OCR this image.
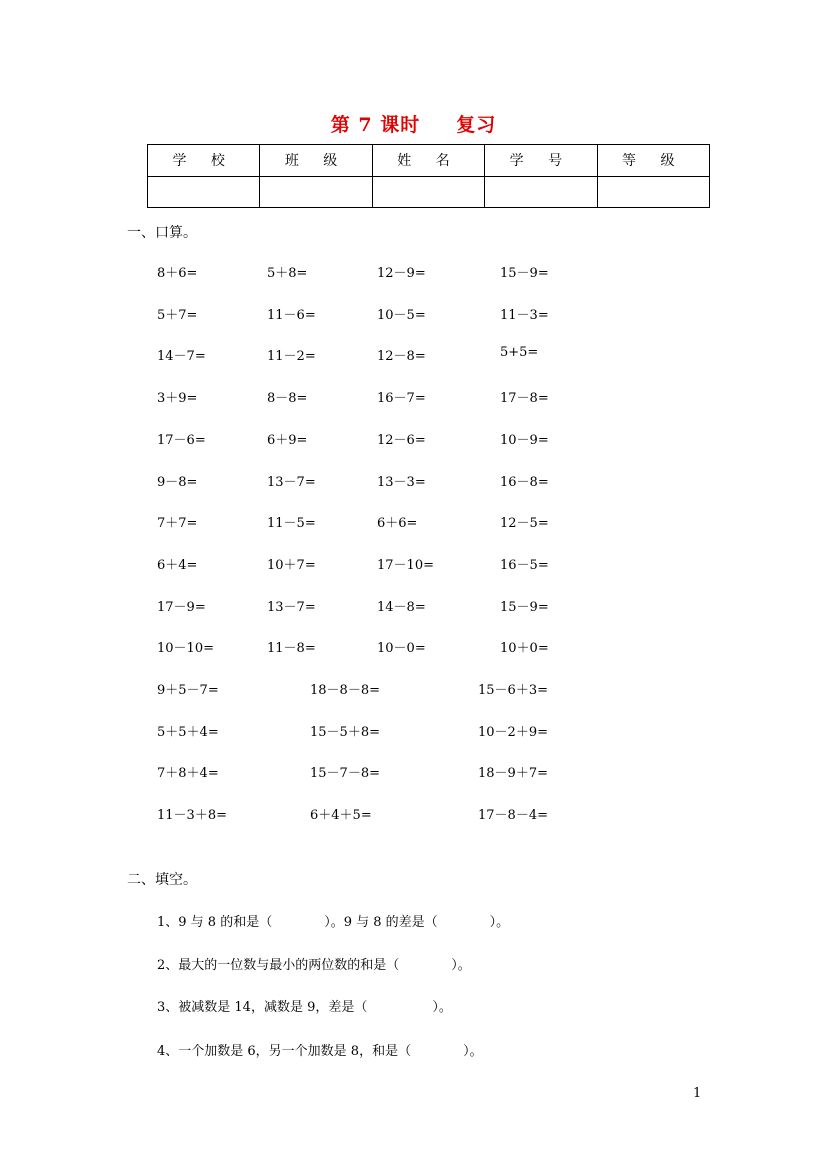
第 7 课时 复习
学 校	班 级	姓 名	学 号	等 级

一、口算。
8＋6=	5＋8=	12－9=	15－9=
5＋7=	11－6=	10－5=	11－3=
14－7=	11－2=	12－8=	5+5=
3＋9=	8－8=	16－7=	17－8=
17－6=	6＋9=	12－6=	10－9=
9－8=	13－7=	13－3=	16－8=
7＋7=	11－5=	6＋6=	12－5=
6＋4=	10＋7=	17－10=	16－5=
17－9=	13－7=	14－8=	15－9=
10－10=	11－8=	10－0=	10＋0=
9＋5－7=	18－8－8=	15－6＋3=
5＋5＋4=	15－5＋8=	10－2＋9=
7＋8＋4=	15－7－8=	18－9＋7=
11－3＋8=	6＋4＋5=	17－8－4=
二、填空。
1、9 与 8 的和是（　　　　）。9 与 8 的差是（　　　　）。
2、最大的一位数与最小的两位数的和是（　　　　）。
3、被减数是 14，减数是 9，差是（　　　　　）。
4、一个加数是 6，另一个加数是 8，和是（　　　　）。
1
